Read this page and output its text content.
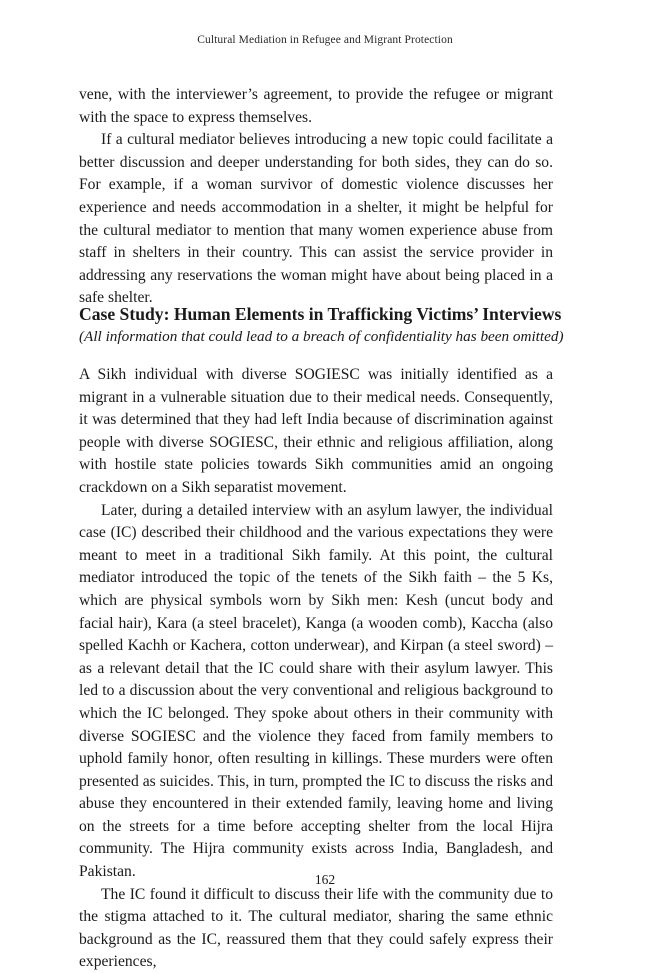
Cultural Mediation in Refugee and Migrant Protection

vene, with the interviewer’s agreement, to provide the refugee or migrant with the space to express themselves.

If a cultural mediator believes introducing a new topic could facilitate a better discussion and deeper understanding for both sides, they can do so. For example, if a woman survivor of domestic violence discusses her experience and needs accommodation in a shelter, it might be helpful for the cultural mediator to mention that many women experience abuse from staff in shelters in their country. This can assist the service provider in addressing any reservations the woman might have about being placed in a safe shelter.

Case Study: Human Elements in Trafficking Victims’ Interviews

(All information that could lead to a breach of confidentiality has been omitted)

A Sikh individual with diverse SOGIESC was initially identified as a migrant in a vulnerable situation due to their medical needs. Consequently, it was determined that they had left India because of discrimination against people with diverse SOGIESC, their ethnic and religious affiliation, along with hostile state policies towards Sikh communities amid an ongoing crackdown on a Sikh separatist movement.

Later, during a detailed interview with an asylum lawyer, the individual case (IC) described their childhood and the various expectations they were meant to meet in a traditional Sikh family. At this point, the cultural mediator introduced the topic of the tenets of the Sikh faith – the 5 Ks, which are physical symbols worn by Sikh men: Kesh (uncut body and facial hair), Kara (a steel bracelet), Kanga (a wooden comb), Kaccha (also spelled Kachh or Kachera, cotton underwear), and Kirpan (a steel sword) – as a relevant detail that the IC could share with their asylum lawyer. This led to a discussion about the very conventional and religious background to which the IC belonged. They spoke about others in their community with diverse SOGIESC and the violence they faced from family members to uphold family honor, often resulting in killings. These murders were often presented as suicides. This, in turn, prompted the IC to discuss the risks and abuse they encountered in their extended family, leaving home and living on the streets for a time before accepting shelter from the local Hijra community. The Hijra community exists across India, Bangladesh, and Pakistan.

The IC found it difficult to discuss their life with the community due to the stigma attached to it. The cultural mediator, sharing the same ethnic background as the IC, reassured them that they could safely express their experiences,

162
